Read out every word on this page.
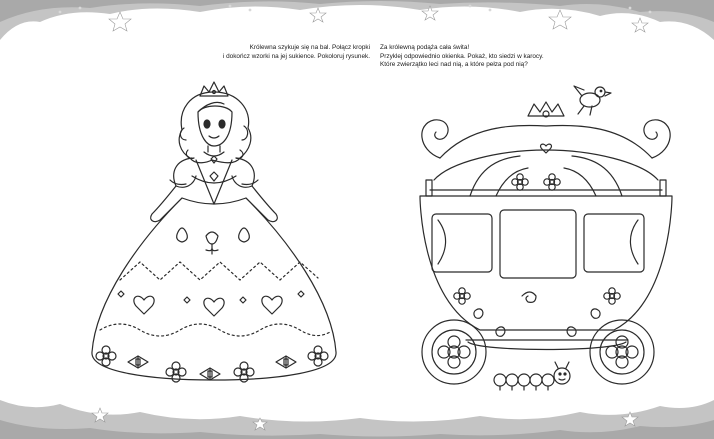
Królewna szykuje się na bal. Połącz kropki
i dokończ wzorki na jej sukience. Pokoloruj rysunek.
Za królewną podąża cała świta!
Przyklej odpowiednio okienka. Pokaż, kto siedzi w karocy.
Które zwierzątko leci nad nią, a które pełza pod nią?
